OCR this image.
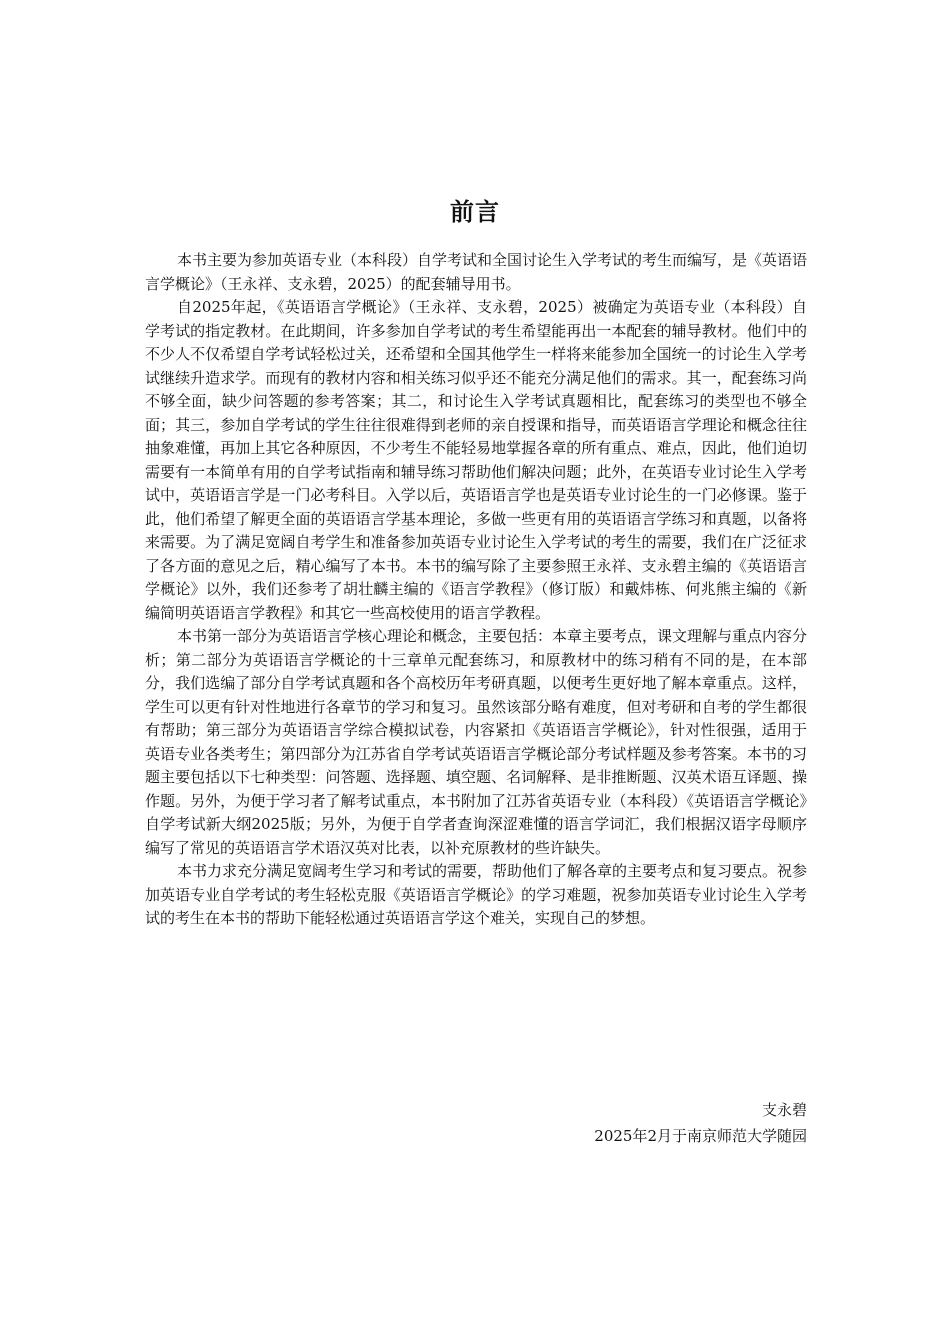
前言

本书主要为参加英语专业（本科段）自学考试和全国讨论生入学考试的考生而编写，是《英语语言学概论》（王永祥、支永碧，2025）的配套辅导用书。

自2025年起，《英语语言学概论》（王永祥、支永碧，2025）被确定为英语专业（本科段）自学考试的指定教材。在此期间，许多参加自学考试的考生希望能再出一本配套的辅导教材。他们中的不少人不仅希望自学考试轻松过关，还希望和全国其他学生一样将来能参加全国统一的讨论生入学考试继续升造求学。而现有的教材内容和相关练习似乎还不能充分满足他们的需求。其一，配套练习尚不够全面，缺少问答题的参考答案；其二，和讨论生入学考试真题相比，配套练习的类型也不够全面；其三，参加自学考试的学生往往很难得到老师的亲自授课和指导，而英语语言学理论和概念往往抽象难懂，再加上其它各种原因，不少考生不能轻易地掌握各章的所有重点、难点，因此，他们迫切需要有一本简单有用的自学考试指南和辅导练习帮助他们解决问题；此外，在英语专业讨论生入学考试中，英语语言学是一门必考科目。入学以后，英语语言学也是英语专业讨论生的一门必修课。鉴于此，他们希望了解更全面的英语语言学基本理论，多做一些更有用的英语语言学练习和真题，以备将来需要。为了满足宽阔自考学生和准备参加英语专业讨论生入学考试的考生的需要，我们在广泛征求了各方面的意见之后，精心编写了本书。本书的编写除了主要参照王永祥、支永碧主编的《英语语言学概论》以外，我们还参考了胡壮麟主编的《语言学教程》（修订版）和戴炜栋、何兆熊主编的《新编简明英语语言学教程》和其它一些高校使用的语言学教程。

本书第一部分为英语语言学核心理论和概念，主要包括：本章主要考点，课文理解与重点内容分析；第二部分为英语语言学概论的十三章单元配套练习，和原教材中的练习稍有不同的是，在本部分，我们选编了部分自学考试真题和各个高校历年考研真题，以便考生更好地了解本章重点。这样，学生可以更有针对性地进行各章节的学习和复习。虽然该部分略有难度，但对考研和自考的学生都很有帮助；第三部分为英语语言学综合模拟试卷，内容紧扣《英语语言学概论》，针对性很强，适用于英语专业各类考生；第四部分为江苏省自学考试英语语言学概论部分考试样题及参考答案。本书的习题主要包括以下七种类型：问答题、选择题、填空题、名词解释、是非推断题、汉英术语互译题、操作题。另外，为便于学习者了解考试重点，本书附加了江苏省英语专业（本科段）《英语语言学概论》自学考试新大纲2025版；另外，为便于自学者查询深涩难懂的语言学词汇，我们根据汉语字母顺序编写了常见的英语语言学术语汉英对比表，以补充原教材的些许缺失。

本书力求充分满足宽阔考生学习和考试的需要，帮助他们了解各章的主要考点和复习要点。祝参加英语专业自学考试的考生轻松克服《英语语言学概论》的学习难题，祝参加英语专业讨论生入学考试的考生在本书的帮助下能轻松通过英语语言学这个难关，实现自己的梦想。

支永碧
2025年2月于南京师范大学随园
